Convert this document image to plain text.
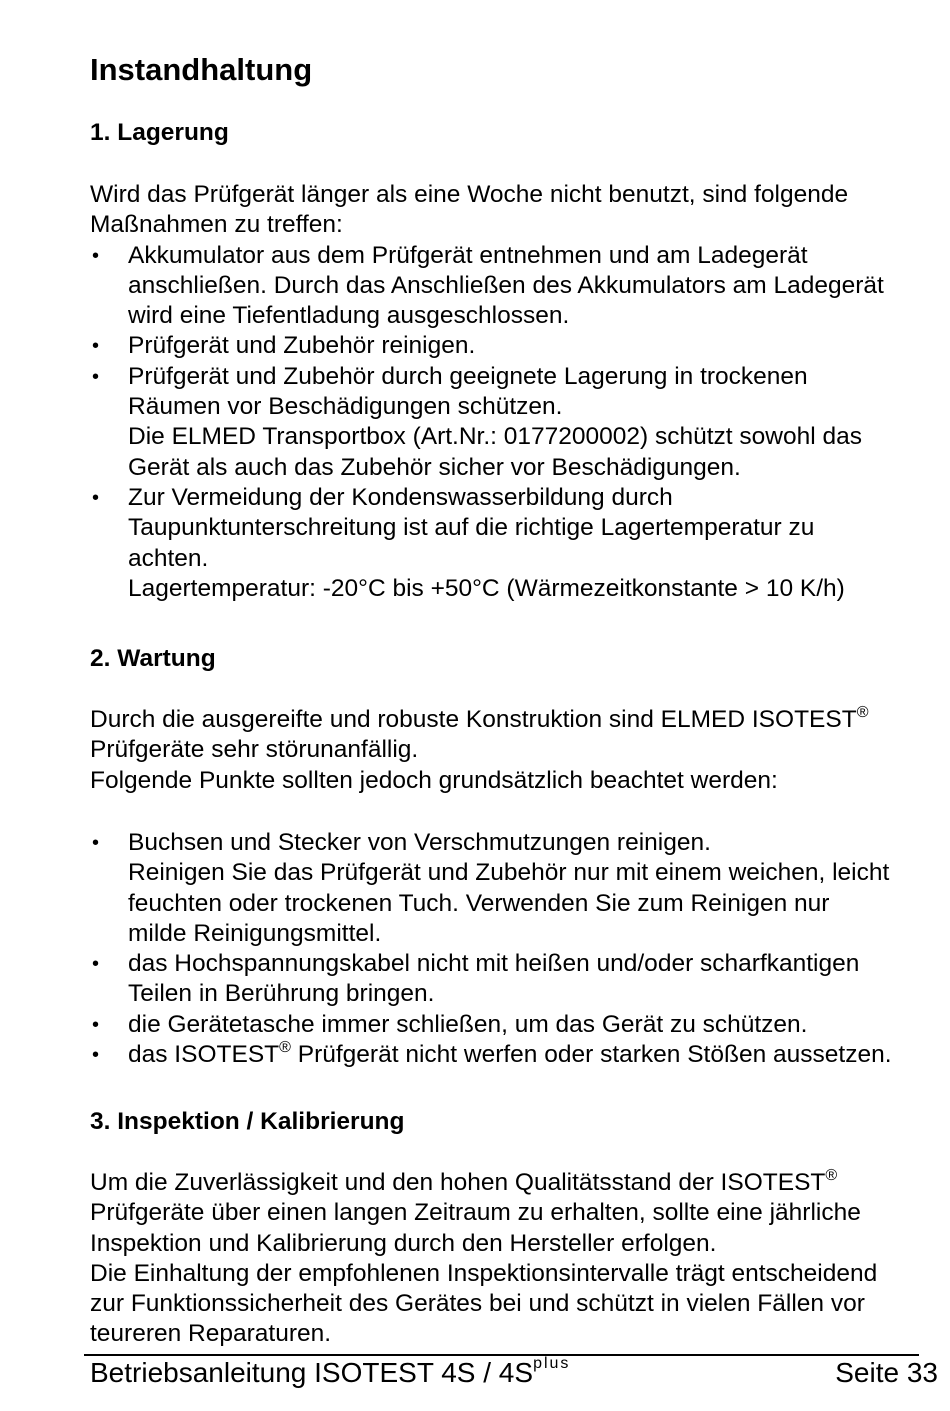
Instandhaltung
1. Lagerung

Wird das Prüfgerät länger als eine Woche nicht benutzt, sind folgende
Maßnahmen zu treffen:

• Akkumulator aus dem Prüfgerät entnehmen und am Ladegerät
anschließen. Durch das Anschließen des Akkumulators am Ladegerät
wird eine Tiefentladung ausgeschlossen.
• Prüfgerät und Zubehör reinigen.
• Prüfgerät und Zubehör durch geeignete Lagerung in trockenen
Räumen vor Beschädigungen schützen.
Die ELMED Transportbox (Art.Nr.: 0177200002) schützt sowohl das
Gerät als auch das Zubehör sicher vor Beschädigungen.
• Zur Vermeidung der Kondenswasserbildung durch
Taupunktunterschreitung ist auf die richtige Lagertemperatur zu
achten.
Lagertemperatur: -20°C bis +50°C (Wärmezeitkonstante > 10 K/h)
2. Wartung

Durch die ausgereifte und robuste Konstruktion sind ELMED ISOTEST®
Prüfgeräte sehr störunanfällig.
Folgende Punkte sollten jedoch grundsätzlich beachtet werden:

• Buchsen und Stecker von Verschmutzungen reinigen.
Reinigen Sie das Prüfgerät und Zubehör nur mit einem weichen, leicht
feuchten oder trockenen Tuch. Verwenden Sie zum Reinigen nur
milde Reinigungsmittel.
• das Hochspannungskabel nicht mit heißen und/oder scharfkantigen
Teilen in Berührung bringen.
• die Gerätetasche immer schließen, um das Gerät zu schützen.
• das ISOTEST® Prüfgerät nicht werfen oder starken Stößen aussetzen.
3. Inspektion / Kalibrierung

Um die Zuverlässigkeit und den hohen Qualitätsstand der ISOTEST®
Prüfgeräte über einen langen Zeitraum zu erhalten, sollte eine jährliche
Inspektion und Kalibrierung durch den Hersteller erfolgen.
Die Einhaltung der empfohlenen Inspektionsintervalle trägt entscheidend
zur Funktionssicherheit des Gerätes bei und schützt in vielen Fällen vor
teureren Reparaturen.

Betriebsanleitung ISOTEST $4S / 4S^{plus}$	Seite 33
